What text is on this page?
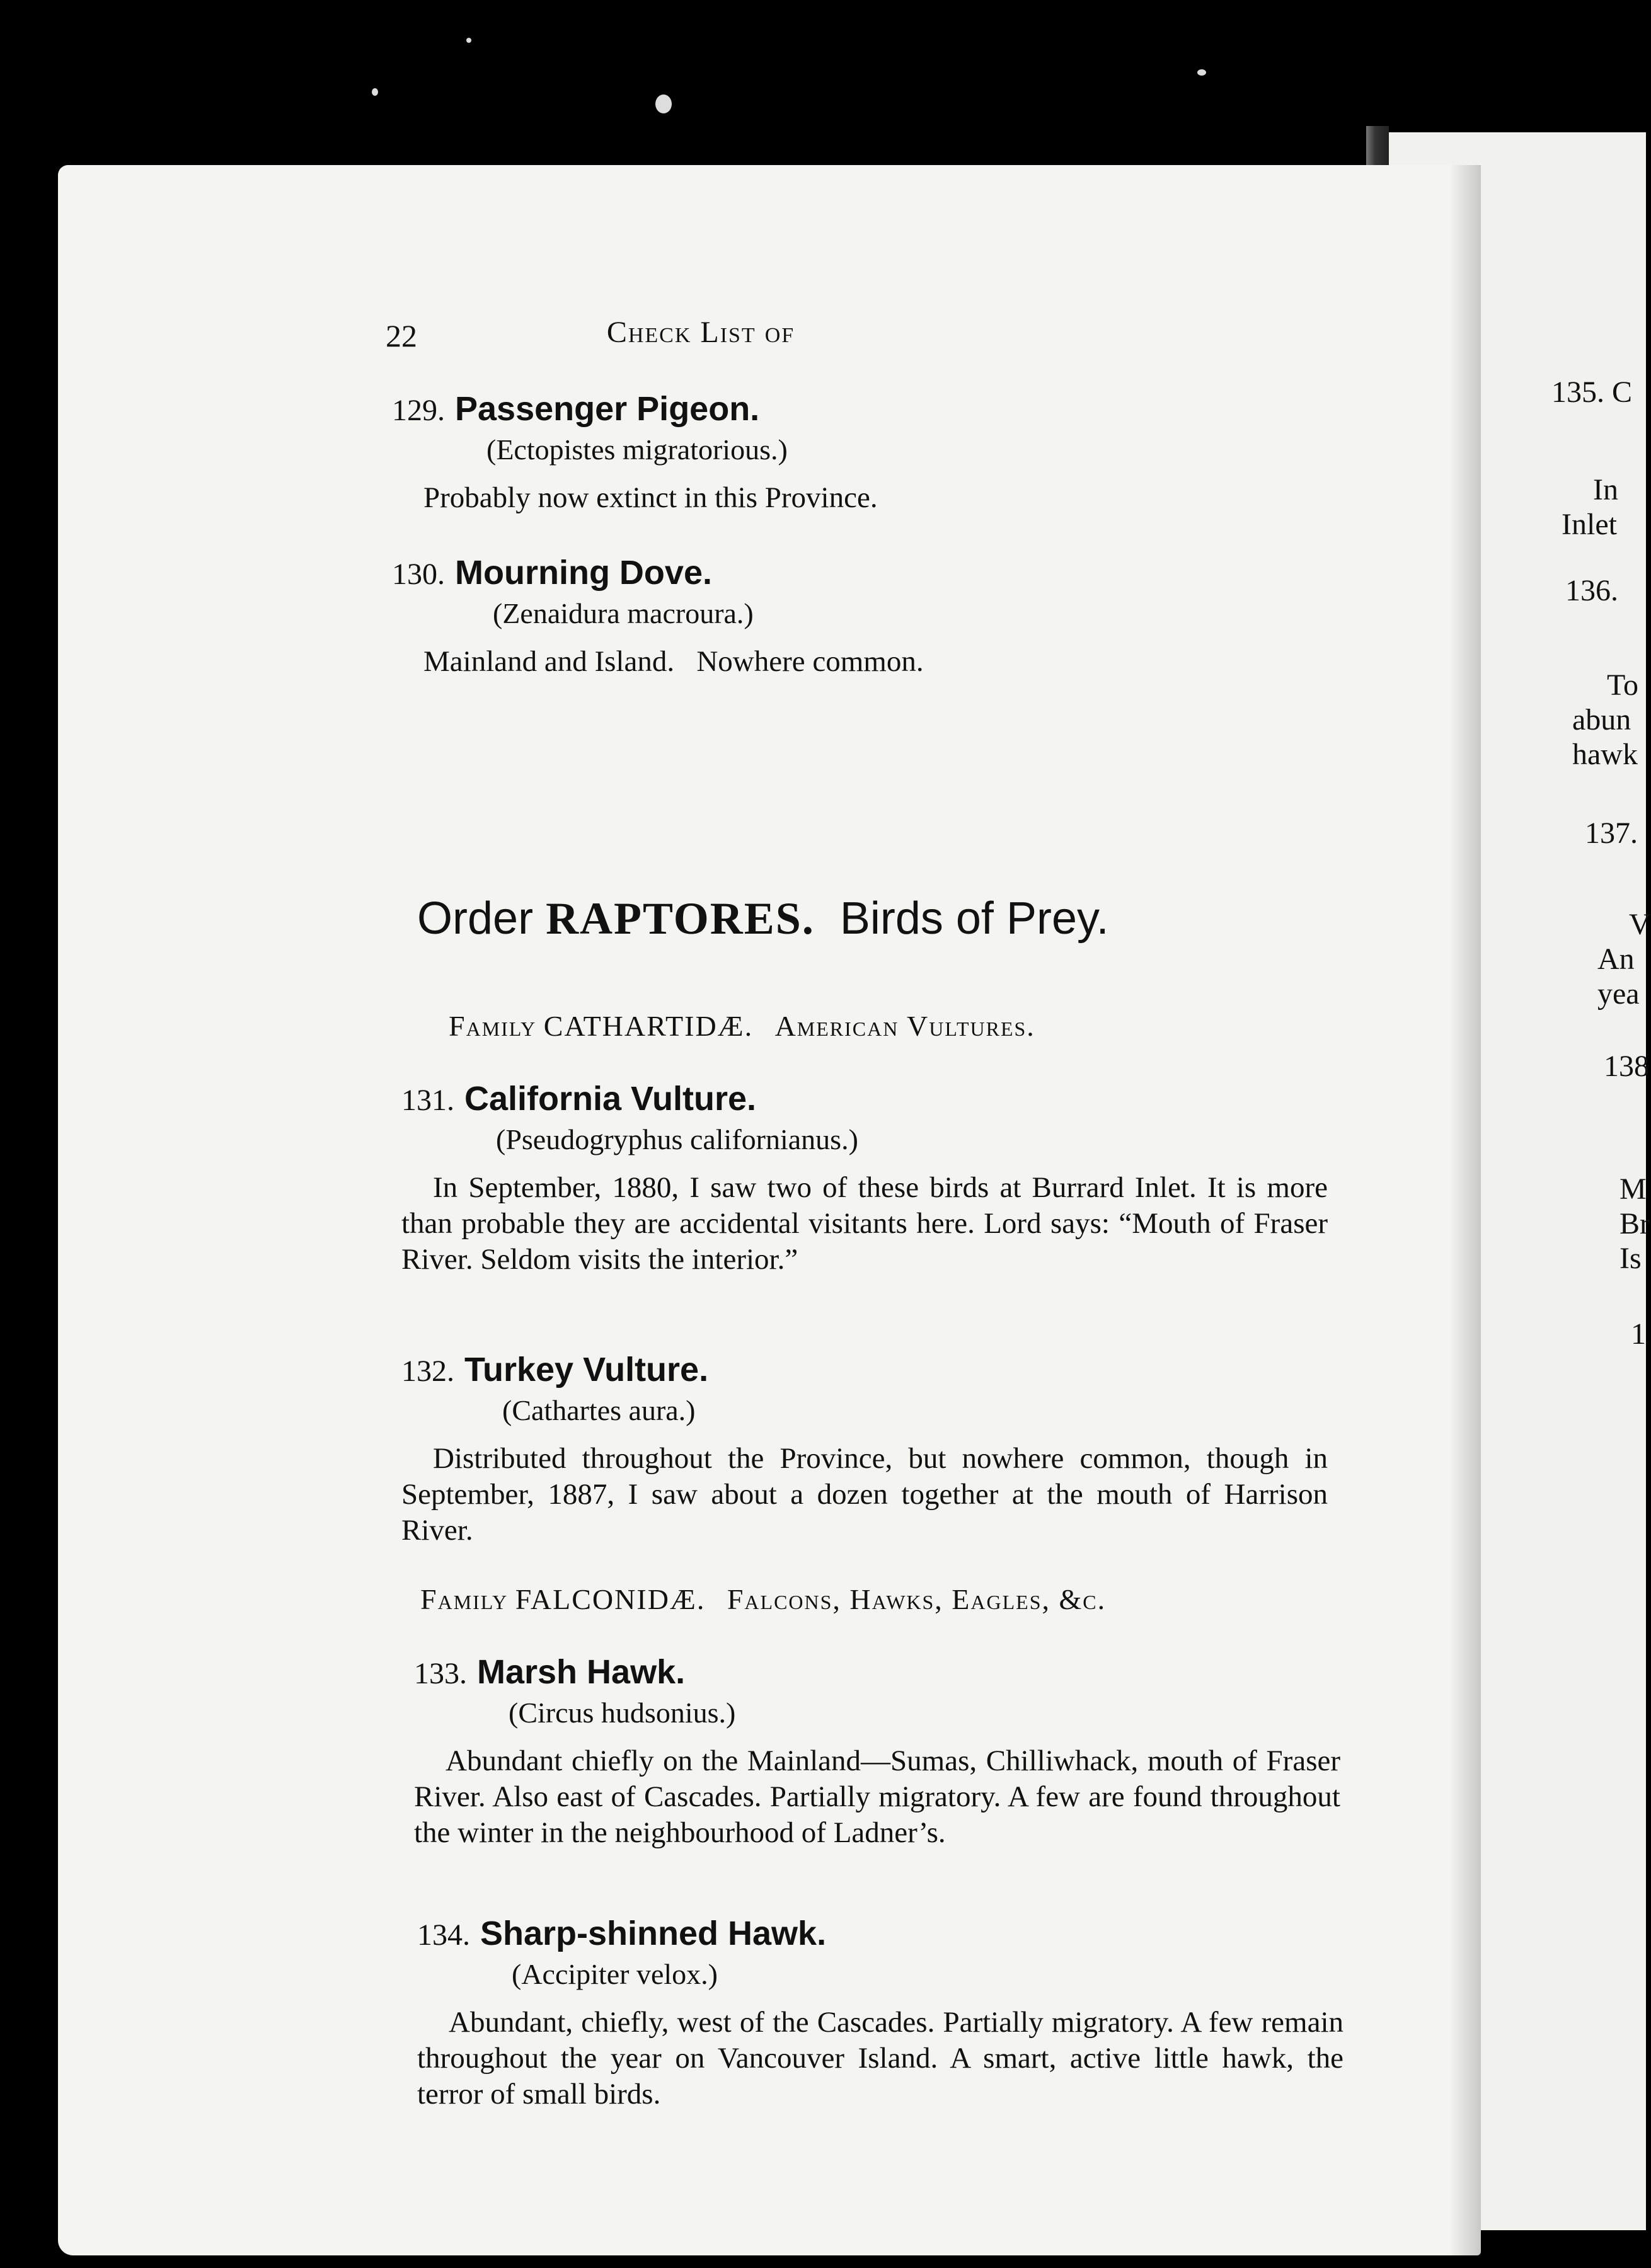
135. C
In
Inlet
136.
To
abun
hawk
137.
V
An
yea
138
M
Br
Is
1
22	Check List of
129. Passenger Pigeon.
(Ectopistes migratorious.)
Probably now extinct in this Province.
130. Mourning Dove.
(Zenaidura macroura.)
Mainland and Island.   Nowhere common.
Order RAPTORES. Birds of Prey.
Family CATHARTIDÆ. American Vultures.
131. California Vulture.
(Pseudogryphus californianus.)
In September, 1880, I saw two of these birds at Burrard Inlet. It is more than probable they are accidental visitants here. Lord says: “Mouth of Fraser River. Seldom visits the interior.”
132. Turkey Vulture.
(Cathartes aura.)
Distributed throughout the Province, but nowhere common, though in September, 1887, I saw about a dozen together at the mouth of Harrison River.
Family FALCONIDÆ. Falcons, Hawks, Eagles, &c.
133. Marsh Hawk.
(Circus hudsonius.)
Abundant chiefly on the Mainland—Sumas, Chilliwhack, mouth of Fraser River. Also east of Cascades. Partially migratory. A few are found throughout the winter in the neighbourhood of Ladner’s.
134. Sharp-shinned Hawk.
(Accipiter velox.)
Abundant, chiefly, west of the Cascades. Partially migratory. A few remain throughout the year on Vancouver Island. A smart, active little hawk, the terror of small birds.
